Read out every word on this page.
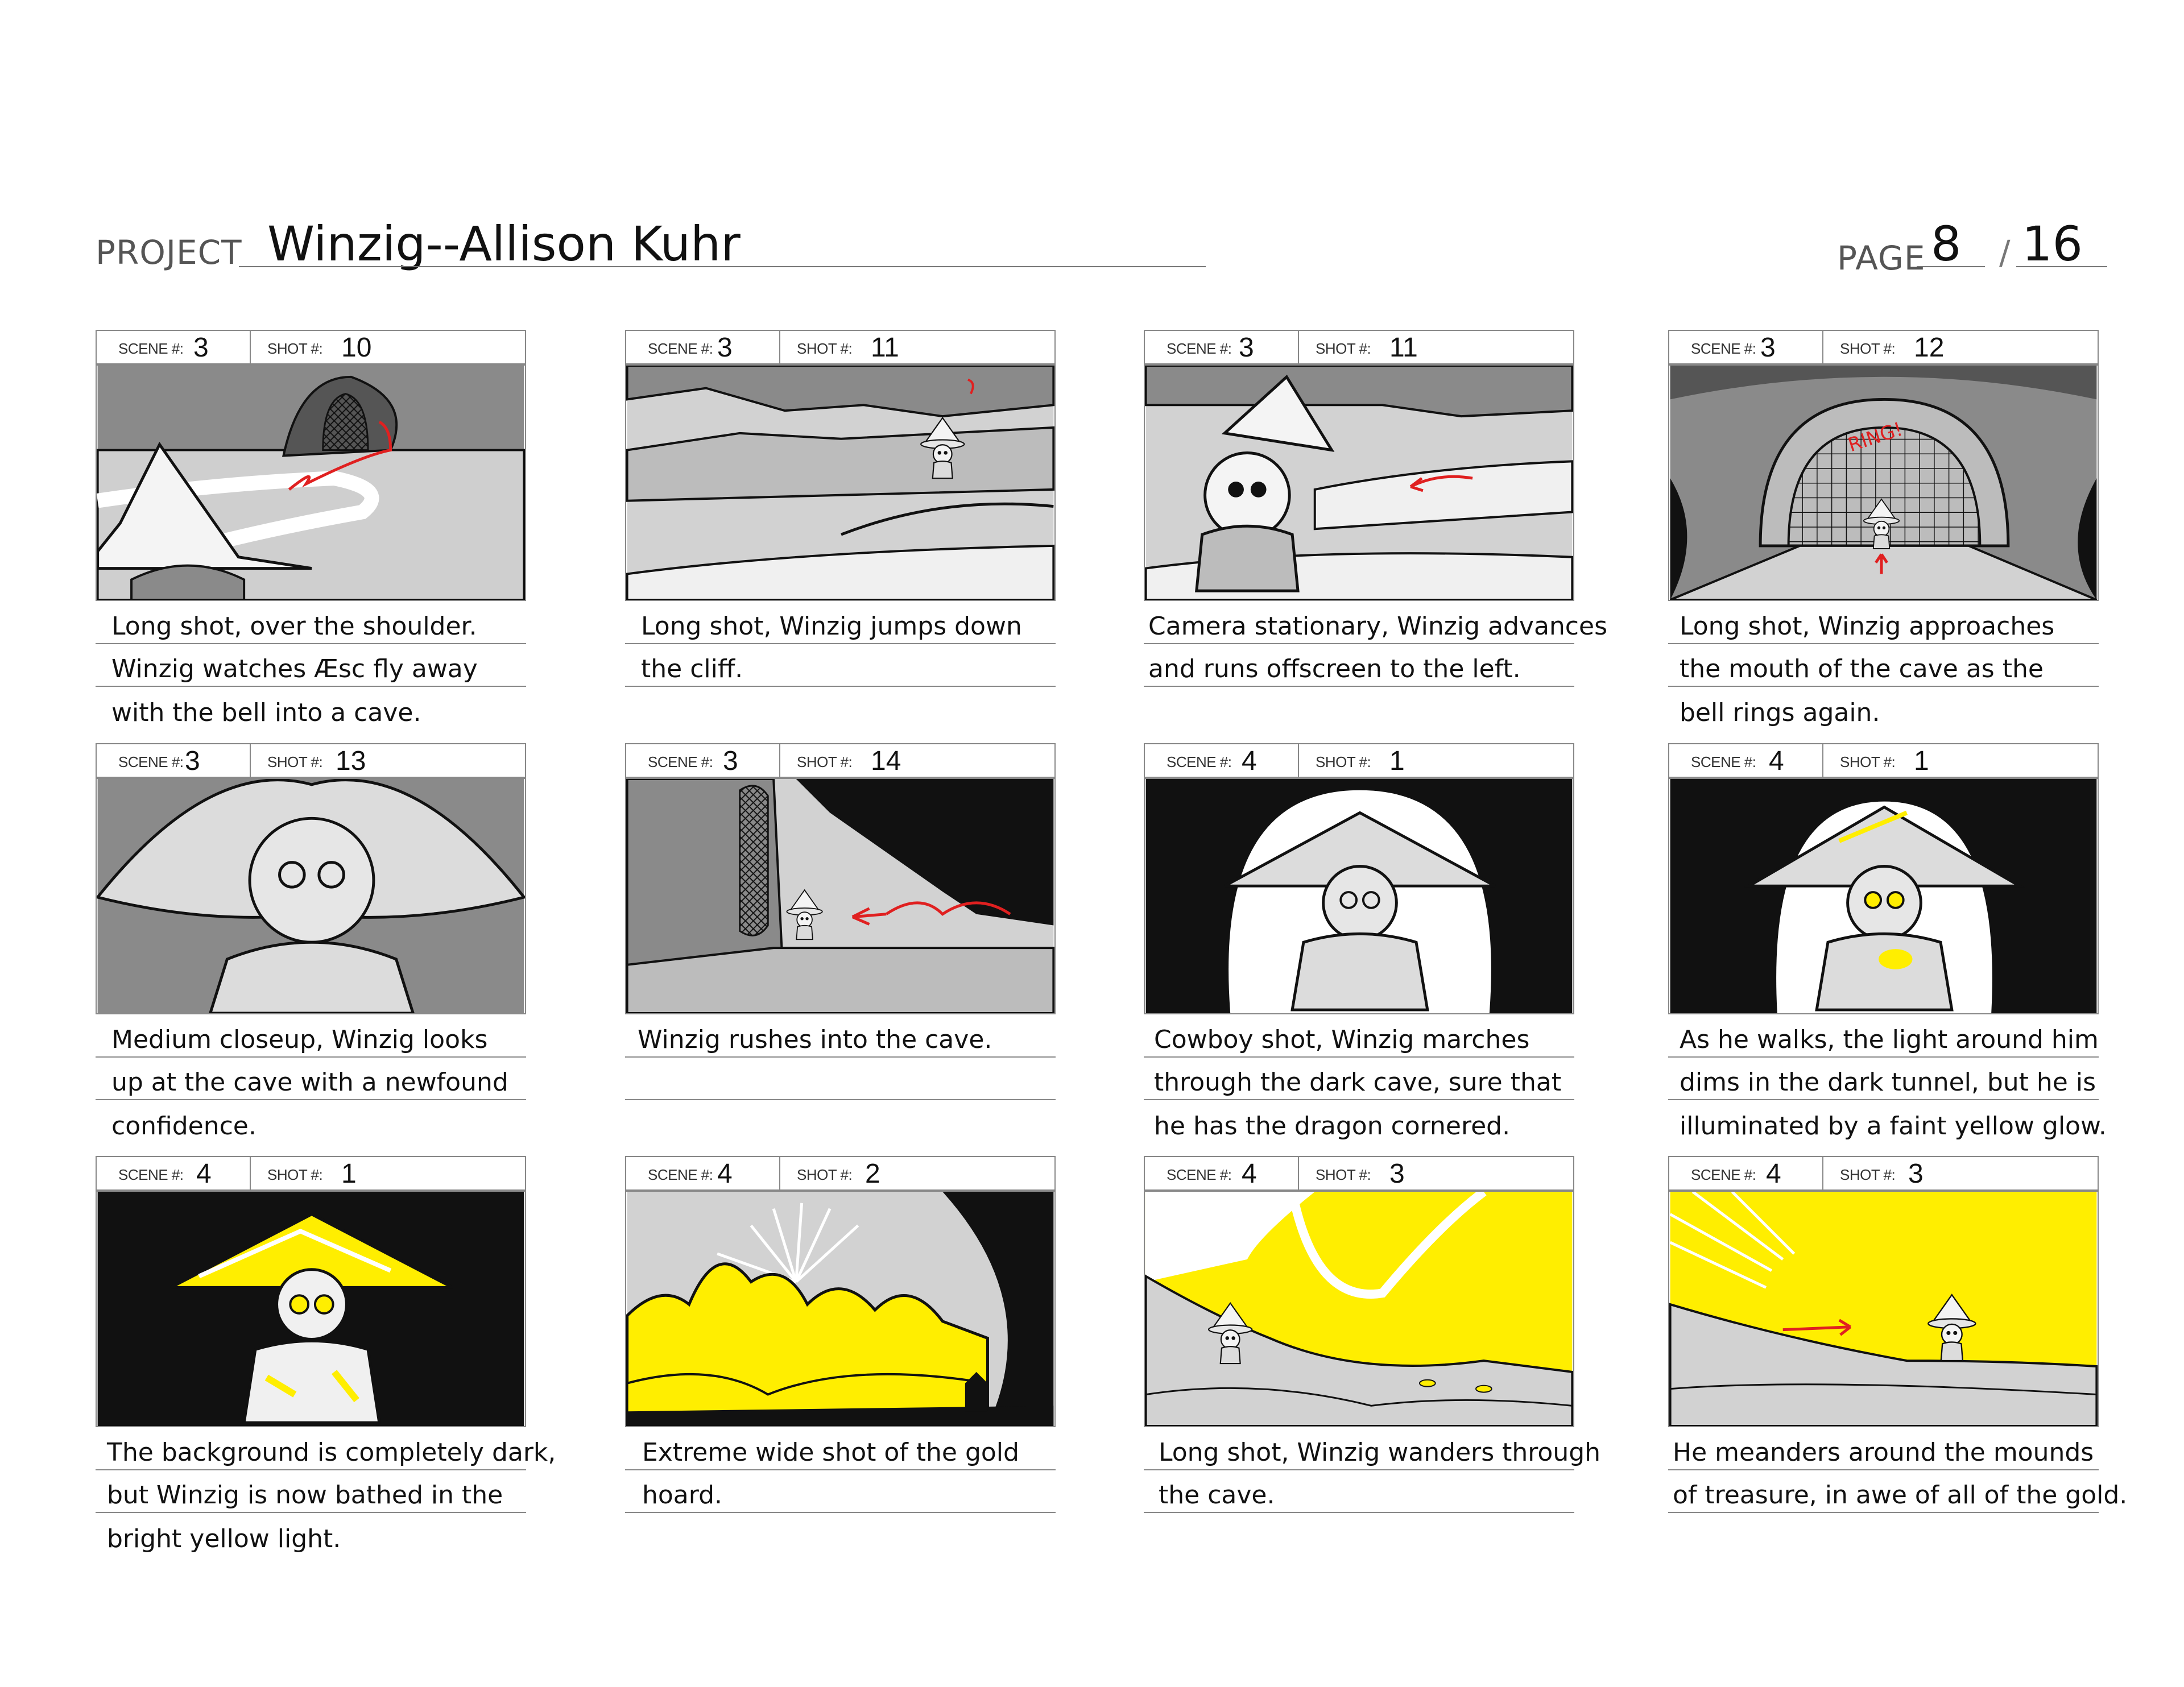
PROJECT Winzig--Allison Kuhr	PAGE 8 / 16
SCENE #: 3	SHOT #: 10
Long shot, over the shoulder.
Winzig watches Æsc fly away
with the bell into a cave.
SCENE #: 3	SHOT #: 11
Long shot, Winzig jumps down
the cliff.
SCENE #: 3	SHOT #: 11
Camera stationary, Winzig advances
and runs offscreen to the left.
SCENE #: 3	SHOT #: 12
RING!
Long shot, Winzig approaches
the mouth of the cave as the
bell rings again.
SCENE #: 3	SHOT #: 13
Medium closeup, Winzig looks
up at the cave with a newfound
confidence.
SCENE #: 3	SHOT #: 14
Winzig rushes into the cave.
SCENE #: 4	SHOT #: 1
Cowboy shot, Winzig marches
through the dark cave, sure that
he has the dragon cornered.
SCENE #: 4	SHOT #: 1
As he walks, the light around him
dims in the dark tunnel, but he is
illuminated by a faint yellow glow.
SCENE #: 4	SHOT #: 1
The background is completely dark,
but Winzig is now bathed in the
bright yellow light.
SCENE #: 4	SHOT #: 2
Extreme wide shot of the gold
hoard.
SCENE #: 4	SHOT #: 3
Long shot, Winzig wanders through
the cave.
SCENE #: 4	SHOT #: 3
He meanders around the mounds
of treasure, in awe of all of the gold.
